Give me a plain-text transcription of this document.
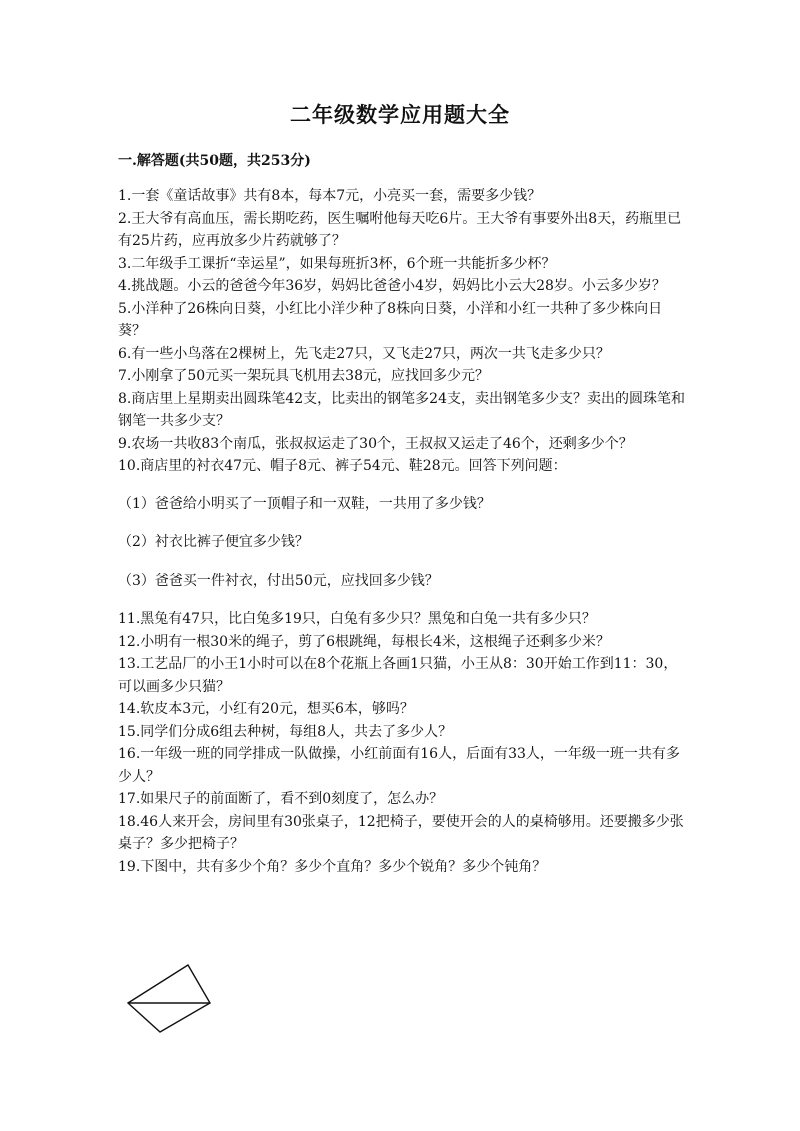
二年级数学应用题大全
一.解答题(共50题，共253分)

1.一套《童话故事》共有8本，每本7元，小亮买一套，需要多少钱？

2.王大爷有高血压，需长期吃药，医生嘱咐他每天吃6片。王大爷有事要外出8天，药瓶里已有25片药，应再放多少片药就够了？

3.二年级手工课折“幸运星”，如果每班折3杯，6个班一共能折多少杯？

4.挑战题。小云的爸爸今年36岁，妈妈比爸爸小4岁，妈妈比小云大28岁。小云多少岁？

5.小洋种了26株向日葵，小红比小洋少种了8株向日葵，小洋和小红一共种了多少株向日葵？

6.有一些小鸟落在2棵树上，先飞走27只，又飞走27只，两次一共飞走多少只？

7.小刚拿了50元买一架玩具飞机用去38元，应找回多少元？

8.商店里上星期卖出圆珠笔42支，比卖出的钢笔多24支，卖出钢笔多少支？卖出的圆珠笔和钢笔一共多少支？

9.农场一共收83个南瓜，张叔叔运走了30个，王叔叔又运走了46个，还剩多少个？

10.商店里的衬衣47元、帽子8元、裤子54元、鞋28元。回答下列问题：

（1）爸爸给小明买了一顶帽子和一双鞋，一共用了多少钱？

（2）衬衣比裤子便宜多少钱？

（3）爸爸买一件衬衣，付出50元，应找回多少钱？

11.黑兔有47只，比白兔多19只，白兔有多少只？黑兔和白兔一共有多少只？

12.小明有一根30米的绳子，剪了6根跳绳，每根长4米，这根绳子还剩多少米？

13.工艺品厂的小王1小时可以在8个花瓶上各画1只猫，小王从8：30开始工作到11：30，可以画多少只猫？

14.软皮本3元，小红有20元，想买6本，够吗？

15.同学们分成6组去种树，每组8人，共去了多少人？

16.一年级一班的同学排成一队做操，小红前面有16人，后面有33人，一年级一班一共有多少人？

17.如果尺子的前面断了，看不到0刻度了，怎么办？

18.46人来开会，房间里有30张桌子，12把椅子，要使开会的人的桌椅够用。还要搬多少张桌子？多少把椅子？

19.下图中，共有多少个角？多少个直角？多少个锐角？多少个钝角？
